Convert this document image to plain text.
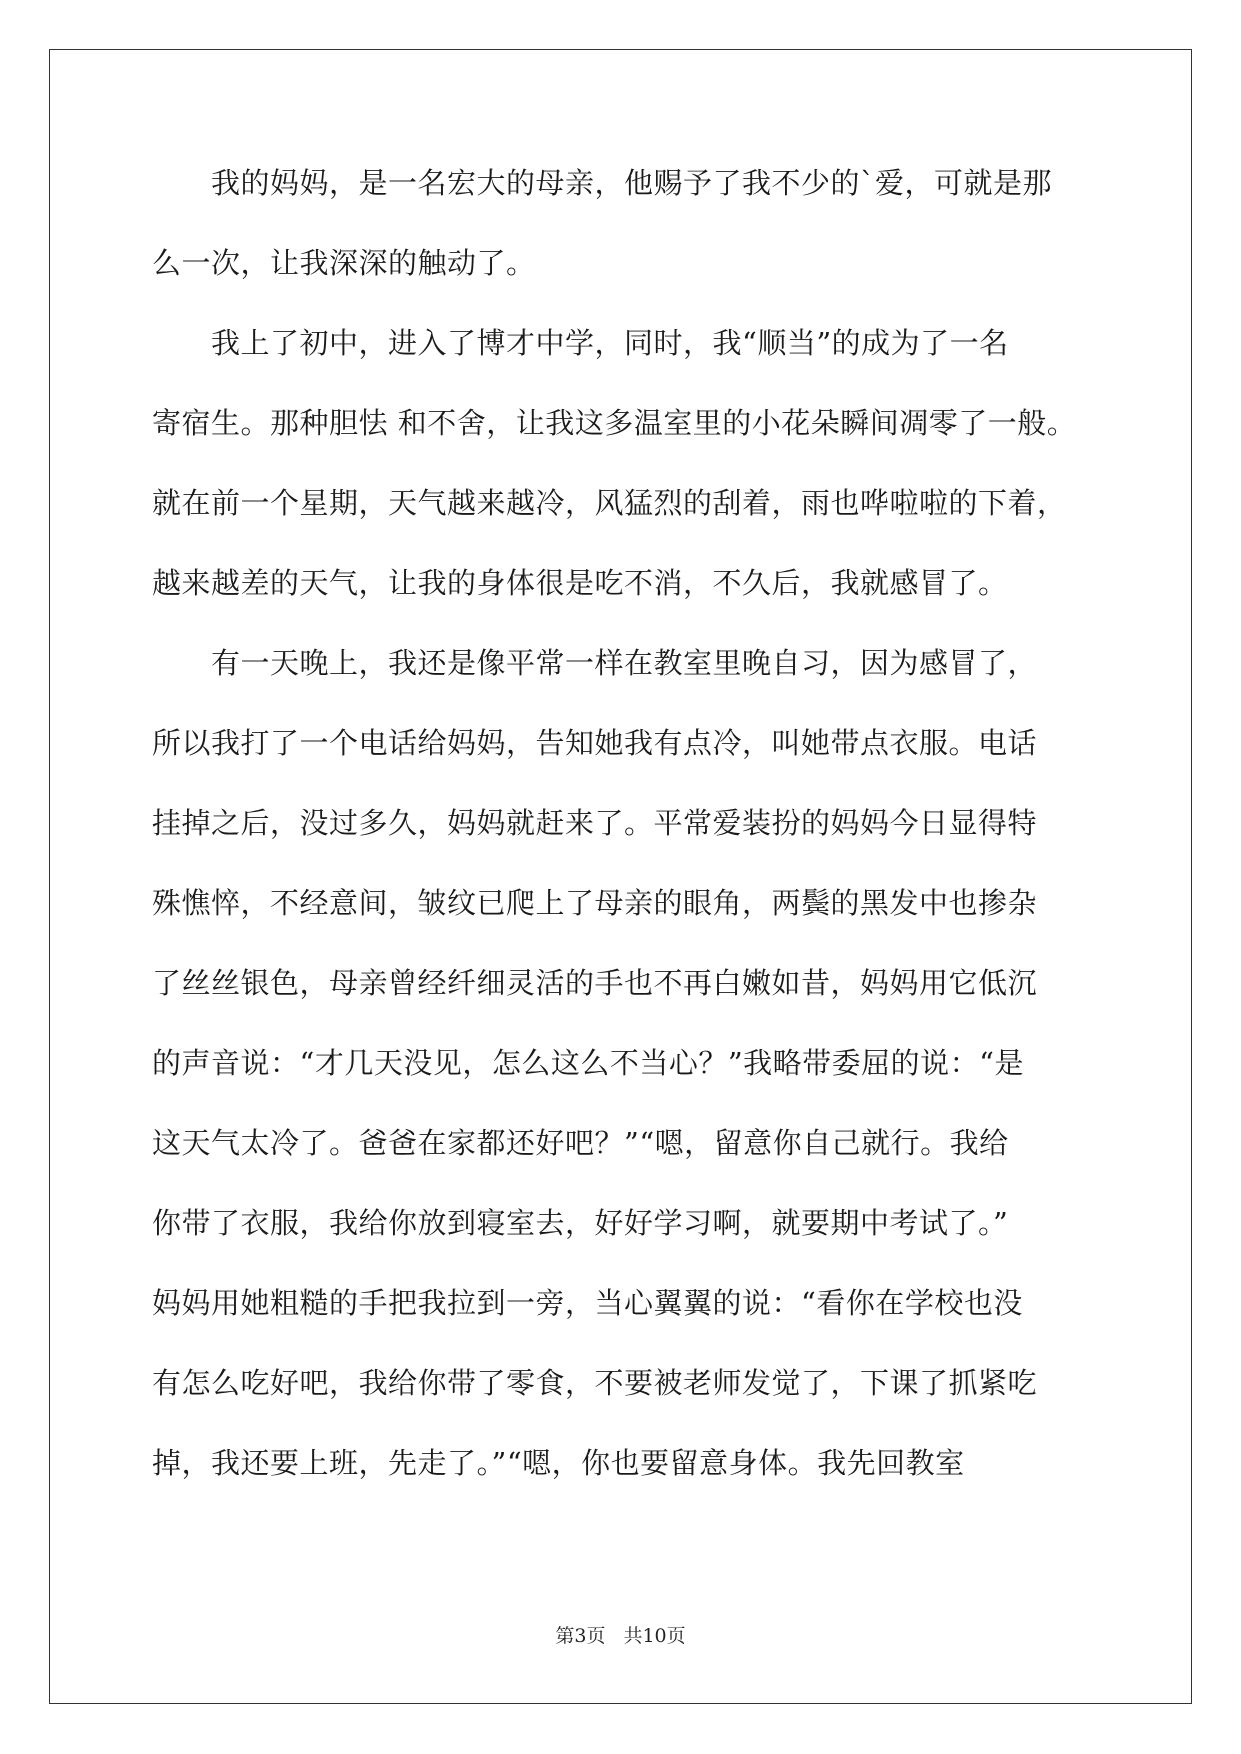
　　我的妈妈，是一名宏大的母亲，他赐予了我不少的`爱，可就是那
么一次，让我深深的触动了。
　　我上了初中，进入了博才中学，同时，我“顺当”的成为了一名
寄宿生。那种胆怯 和不舍，让我这多温室里的小花朵瞬间凋零了一般。
就在前一个星期，天气越来越冷，风猛烈的刮着，雨也哗啦啦的下着，
越来越差的天气，让我的身体很是吃不消，不久后，我就感冒了。
　　有一天晚上，我还是像平常一样在教室里晚自习，因为感冒了，
所以我打了一个电话给妈妈，告知她我有点冷，叫她带点衣服。电话
挂掉之后，没过多久，妈妈就赶来了。平常爱装扮的妈妈今日显得特
殊憔悴，不经意间，皱纹已爬上了母亲的眼角，两鬓的黑发中也掺杂
了丝丝银色，母亲曾经纤细灵活的手也不再白嫩如昔，妈妈用它低沉
的声音说：“才几天没见，怎么这么不当心？”我略带委屈的说：“是
这天气太冷了。爸爸在家都还好吧？”“嗯，留意你自己就行。我给
你带了衣服，我给你放到寝室去，好好学习啊，就要期中考试了。”
妈妈用她粗糙的手把我拉到一旁，当心翼翼的说：“看你在学校也没
有怎么吃好吧，我给你带了零食，不要被老师发觉了，下课了抓紧吃
掉，我还要上班，先走了。”“嗯，你也要留意身体。我先回教室
第3页 共10页
